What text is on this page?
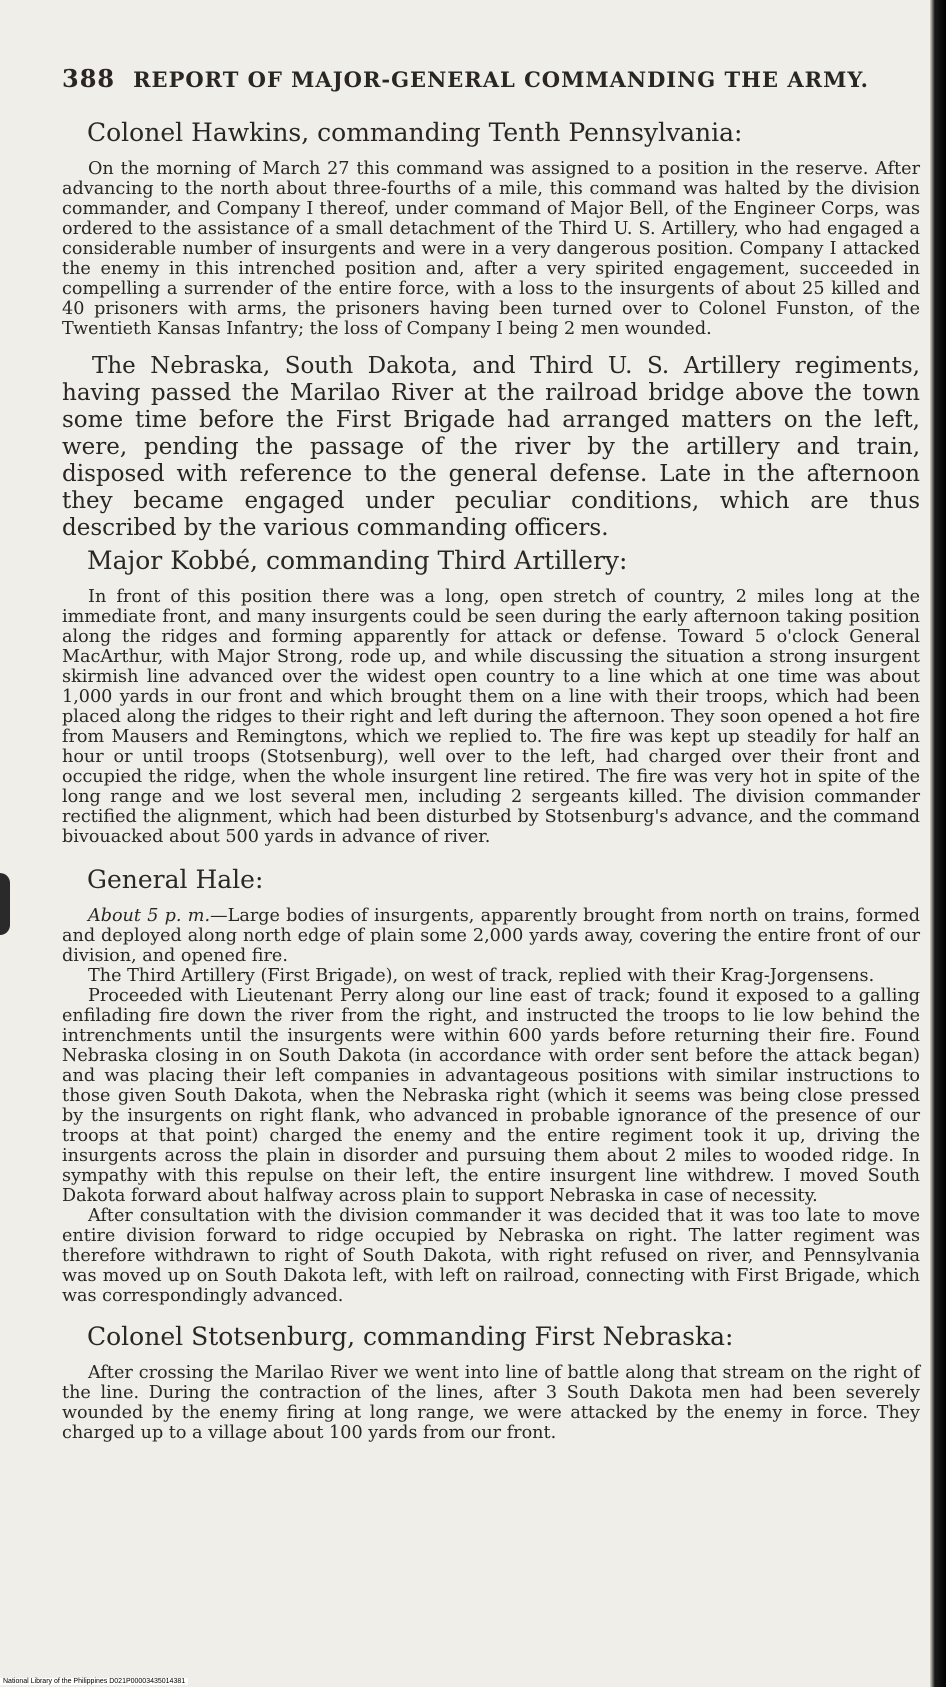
388 REPORT OF MAJOR-GENERAL COMMANDING THE ARMY.
Colonel Hawkins, commanding Tenth Pennsylvania:

On the morning of March 27 this command was assigned to a position in the reserve. After advancing to the north about three-fourths of a mile, this command was halted by the division commander, and Company I thereof, under command of Major Bell, of the Engineer Corps, was ordered to the assistance of a small detachment of the Third U. S. Artillery, who had engaged a considerable number of insurgents and were in a very dangerous position. Company I attacked the enemy in this intrenched position and, after a very spirited engagement, succeeded in compelling a surrender of the entire force, with a loss to the insurgents of about 25 killed and 40 prisoners with arms, the prisoners having been turned over to Colonel Funston, of the Twentieth Kansas Infantry; the loss of Company I being 2 men wounded.

The Nebraska, South Dakota, and Third U. S. Artillery regiments, having passed the Marilao River at the railroad bridge above the town some time before the First Brigade had arranged matters on the left, were, pending the passage of the river by the artillery and train, disposed with reference to the general defense. Late in the afternoon they became engaged under peculiar conditions, which are thus described by the various commanding officers.

Major Kobbé, commanding Third Artillery:

In front of this position there was a long, open stretch of country, 2 miles long at the immediate front, and many insurgents could be seen during the early afternoon taking position along the ridges and forming apparently for attack or defense. Toward 5 o'clock General MacArthur, with Major Strong, rode up, and while discussing the situation a strong insurgent skirmish line advanced over the widest open country to a line which at one time was about 1,000 yards in our front and which brought them on a line with their troops, which had been placed along the ridges to their right and left during the afternoon. They soon opened a hot fire from Mausers and Remingtons, which we replied to. The fire was kept up steadily for half an hour or until troops (Stotsenburg), well over to the left, had charged over their front and occupied the ridge, when the whole insurgent line retired. The fire was very hot in spite of the long range and we lost several men, including 2 sergeants killed. The division commander rectified the alignment, which had been disturbed by Stotsenburg's advance, and the command bivouacked about 500 yards in advance of river.

General Hale:

About 5 p. m.—Large bodies of insurgents, apparently brought from north on trains, formed and deployed along north edge of plain some 2,000 yards away, covering the entire front of our division, and opened fire.

The Third Artillery (First Brigade), on west of track, replied with their Krag-Jorgensens.

Proceeded with Lieutenant Perry along our line east of track; found it exposed to a galling enfilading fire down the river from the right, and instructed the troops to lie low behind the intrenchments until the insurgents were within 600 yards before returning their fire. Found Nebraska closing in on South Dakota (in accordance with order sent before the attack began) and was placing their left companies in advantageous positions with similar instructions to those given South Dakota, when the Nebraska right (which it seems was being close pressed by the insurgents on right flank, who advanced in probable ignorance of the presence of our troops at that point) charged the enemy and the entire regiment took it up, driving the insurgents across the plain in disorder and pursuing them about 2 miles to wooded ridge. In sympathy with this repulse on their left, the entire insurgent line withdrew. I moved South Dakota forward about halfway across plain to support Nebraska in case of necessity.

After consultation with the division commander it was decided that it was too late to move entire division forward to ridge occupied by Nebraska on right. The latter regiment was therefore withdrawn to right of South Dakota, with right refused on river, and Pennsylvania was moved up on South Dakota left, with left on railroad, connecting with First Brigade, which was correspondingly advanced.

Colonel Stotsenburg, commanding First Nebraska:

After crossing the Marilao River we went into line of battle along that stream on the right of the line. During the contraction of the lines, after 3 South Dakota men had been severely wounded by the enemy firing at long range, we were attacked by the enemy in force. They charged up to a village about 100 yards from our front.

National Library of the Philippines D021P00003435014381
